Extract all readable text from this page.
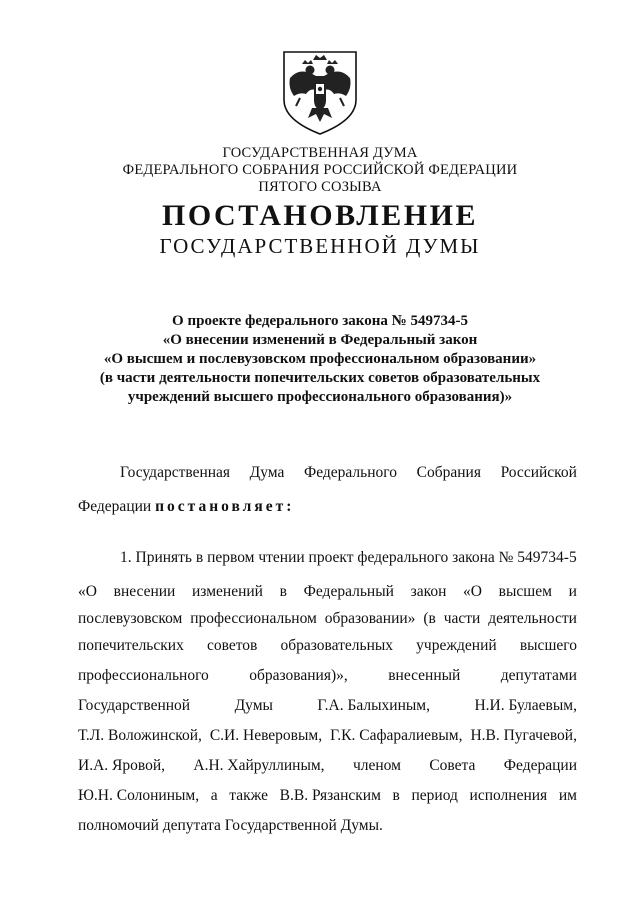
ГОСУДАРСТВЕННАЯ ДУМА
ФЕДЕРАЛЬНОГО СОБРАНИЯ РОССИЙСКОЙ ФЕДЕРАЦИИ
ПЯТОГО СОЗЫВА
ПОСТАНОВЛЕНИЕ
ГОСУДАРСТВЕННОЙ ДУМЫ
О проекте федерального закона № 549734-5
«О внесении изменений в Федеральный закон
«О высшем и послевузовском профессиональном образовании»
(в части деятельности попечительских советов образовательных
учреждений высшего профессионального образования)»
Государственная Дума Федерального Собрания Российской
Федерации постановляет:
1. Принять в первом чтении проект федерального закона № 549734-5
«О внесении изменений в Федеральный закон «О высшем и
послевузовском профессиональном образовании» (в части деятельности
попечительских советов образовательных учреждений высшего
профессионального	образования)»,	внесенный	депутатами
Государственной	Думы	Г.А. Балыхиным,	Н.И. Булаевым,
Т.Л. Воложинской, С.И. Неверовым, Г.К. Сафаралиевым, Н.В. Пугачевой,
И.А. Яровой, А.Н. Хайруллиным, членом Совета Федерации
Ю.Н. Солониным, а также В.В. Рязанским в период исполнения им
полномочий депутата Государственной Думы.
